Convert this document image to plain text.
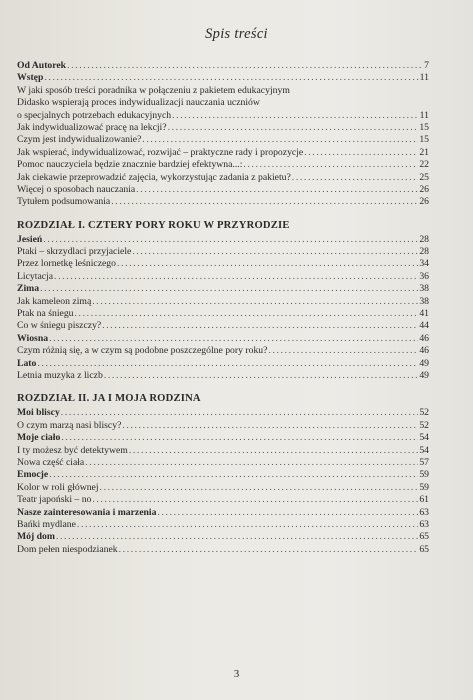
Spis treści
Od Autorek . . .	7
Wstęp . . .	11
W jaki sposób treści poradnika w połączeniu z pakietem edukacyjnym
Didasko wspierają proces indywidualizacji nauczania uczniów
o specjalnych potrzebach edukacyjnych . . .	11
Jak indywidualizować pracę na lekcji? . . .	15
Czym jest indywidualizowanie? . . .	15
Jak wspierać, indywidualizować, rozwijać – praktyczne rady i propozycje . . .	21
Pomoc nauczyciela będzie znacznie bardziej efektywna...: . . .	22
Jak ciekawie przeprowadzić zajęcia, wykorzystując zadania z pakietu? . . .	25
Więcej o sposobach nauczania . . .	26
Tytułem podsumowania . . .	26
ROZDZIAŁ I. CZTERY PORY ROKU W PRZYRODZIE
Jesień . . .	28
Ptaki – skrzydlaci przyjaciele . . .	28
Przez lornetkę leśniczego . . .	34
Licytacja . . .	36
Zima . . .	38
Jak kameleon zimą . . .	38
Ptak na śniegu . . .	41
Co w śniegu piszczy? . . .	44
Wiosna . . .	46
Czym różnią się, a w czym są podobne poszczególne pory roku? . . .	46
Lato . . .	49
Letnia muzyka z liczb . . .	49
ROZDZIAŁ II. JA I MOJA RODZINA
Moi bliscy . . .	52
O czym marzą nasi bliscy? . . .	52
Moje ciało . . .	54
I ty możesz być detektywem . . .	54
Nowa część ciała . . .	57
Emocje . . .	59
Kolor w roli głównej . . .	59
Teatr japoński – no . . .	61
Nasze zainteresowania i marzenia . . .	63
Bańki mydlane . . .	63
Mój dom . . .	65
Dom pełen niespodzianek . . .	65
3
